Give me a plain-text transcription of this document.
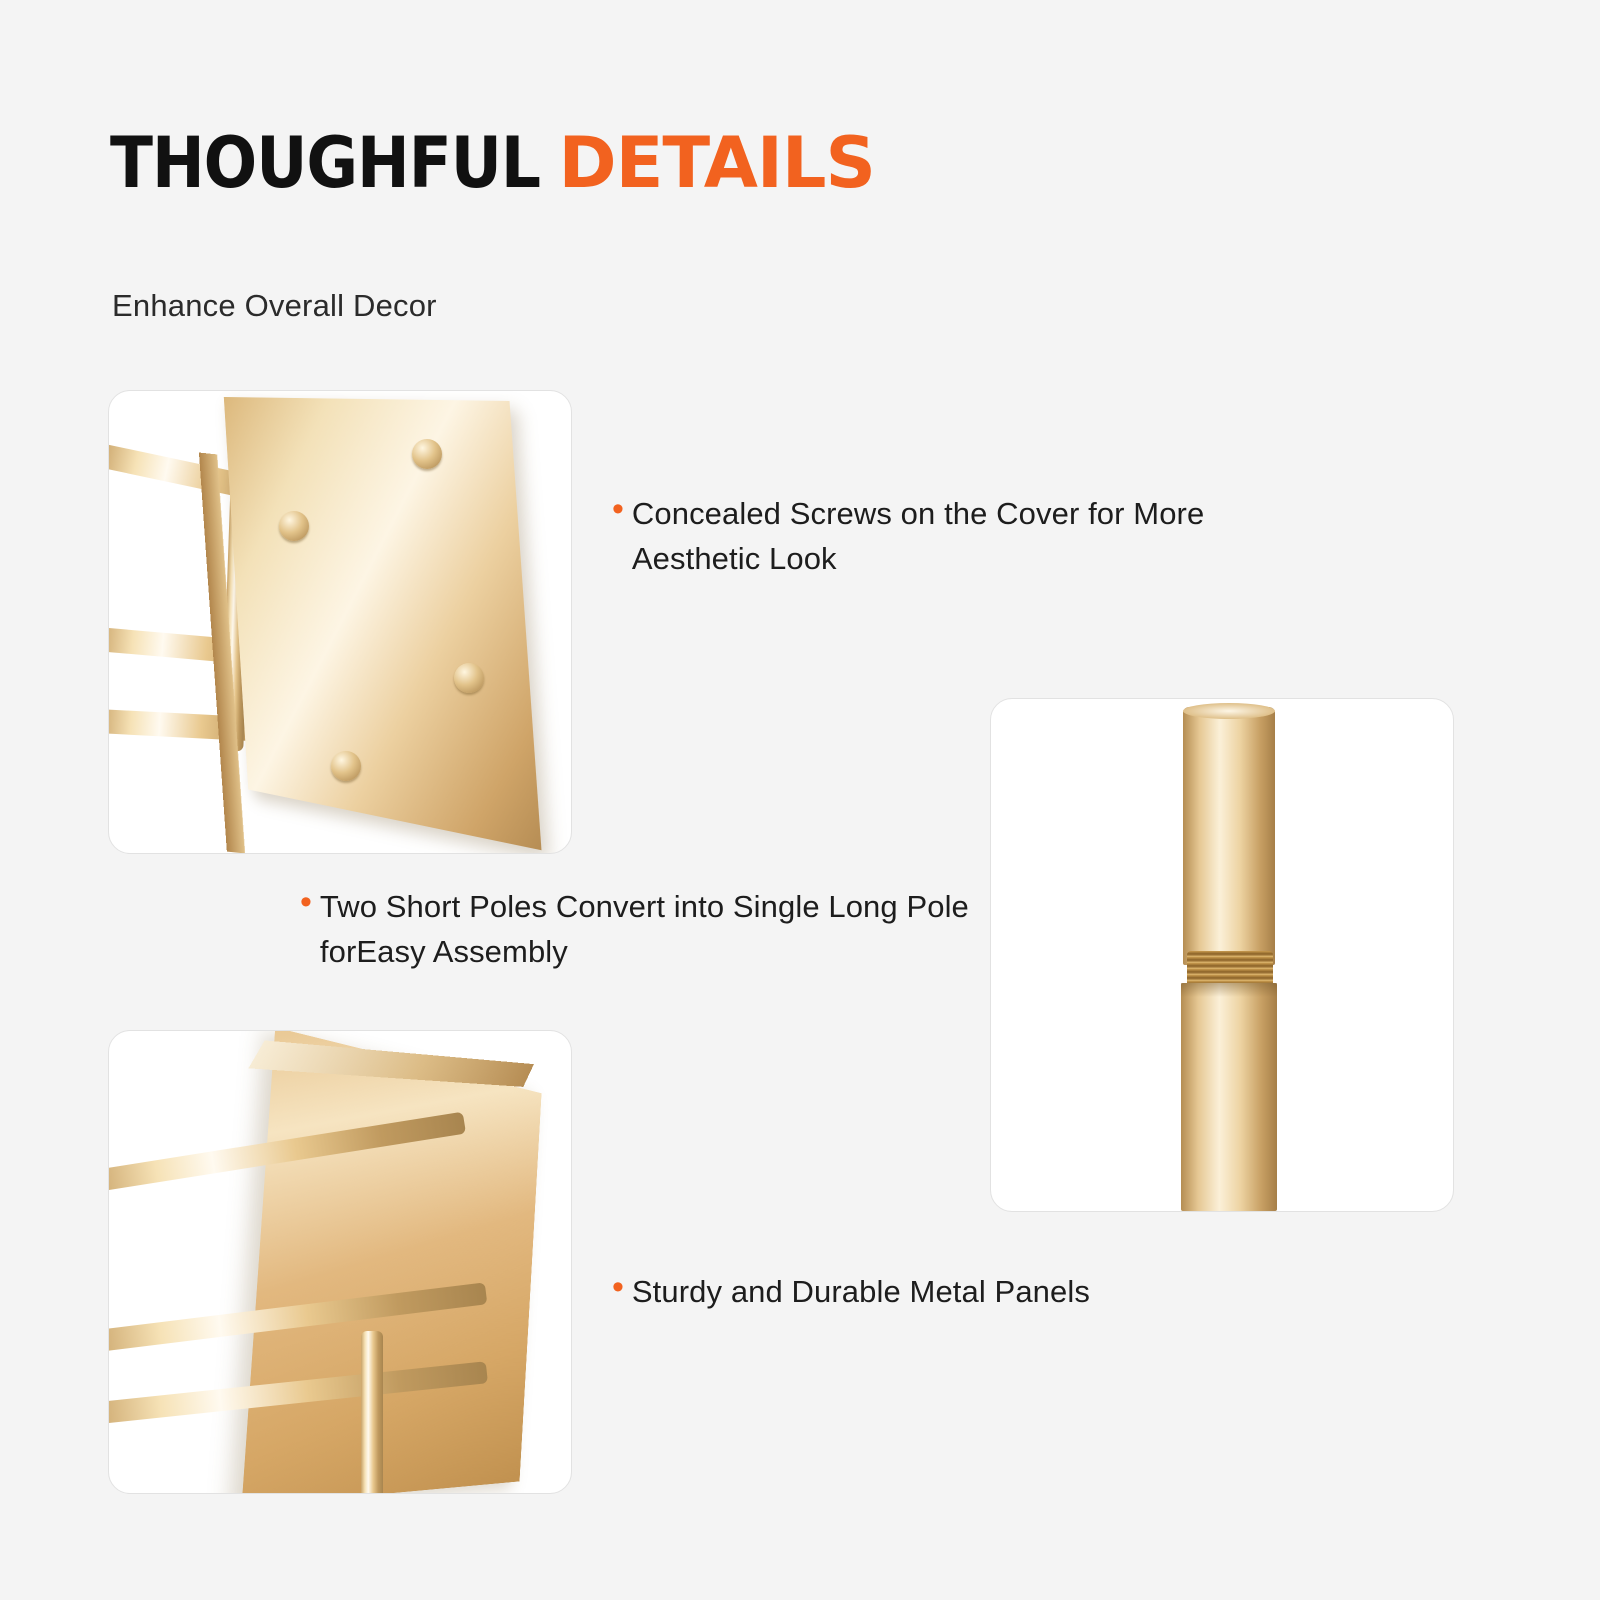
THOUGHFUL DETAILS
Enhance Overall Decor
• Concealed Screws on the Cover for More Aesthetic Look
• Two Short Poles Convert into Single Long Pole forEasy Assembly
• Sturdy and Durable Metal Panels
